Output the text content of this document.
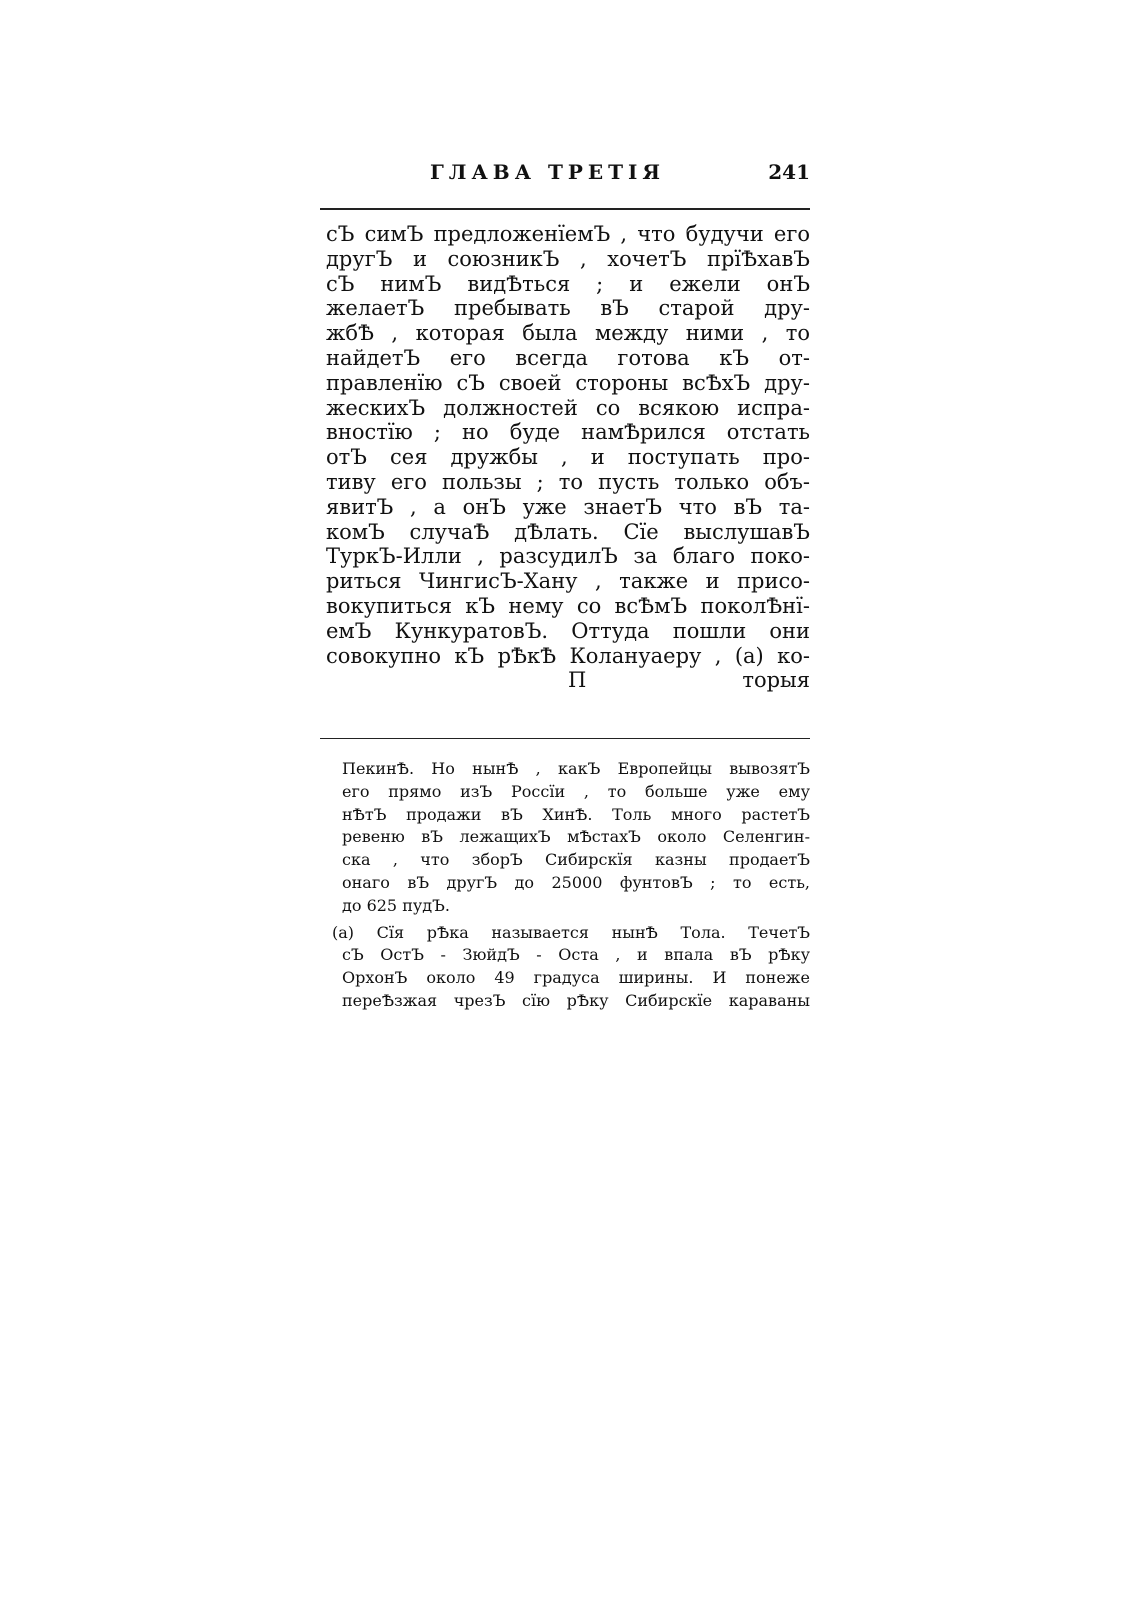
ГЛАВА ТРЕТІЯ	241
сЪ симЪ предложенїемЪ , что будучи его
другЪ и союзникЪ , хочетЪ прїѢхавЪ
сЪ нимЪ видѢться ; и ежели онЪ
желаетЪ пребывать вЪ старой дру-
жбѢ , которая была между ними , то
найдетЪ его всегда готова кЪ от-
правленїю сЪ своей стороны всѢхЪ дру-
жескихЪ должностей со всякою испра-
вностїю ; но буде намѢрился отстать
отЪ сея дружбы , и поступать про-
тиву его пользы ; то пусть только объ-
явитЪ , а онЪ уже знаетЪ что вЪ та-
комЪ случаѢ дѢлать. Сїе выслушавЪ
ТуркЪ-Илли , разсудилЪ за благо поко-
риться ЧингисЪ-Хану , также и присо-
вокупиться кЪ нему со всѢмЪ поколѢнї-
емЪ КункуратовЪ. Оттуда пошли они
совокупно кЪ рѢкѢ Колануаеру , (а) ко-
П	торыя
ПекинѢ. Но нынѢ , какЪ Европейцы вывозятЪ
его прямо изЪ Россїи , то больше уже ему
нѢтЪ продажи вЪ ХинѢ. Толь много растетЪ
ревеню вЪ лежащихЪ мѢстахЪ около Селенгин-
ска , что зборЪ Сибирскїя казны продаетЪ
онаго вЪ другЪ до 25000 фунтовЪ ; то есть,
до 625 пудЪ.
(а) Сїя рѢка называется нынѢ Тола. ТечетЪ
сЪ ОстЪ - ЗюйдЪ - Оста , и впала вЪ рѢку
ОрхонЪ около 49 градуса ширины. И понеже
переѢзжая чрезЪ сїю рѢку Сибирскїе караваны
